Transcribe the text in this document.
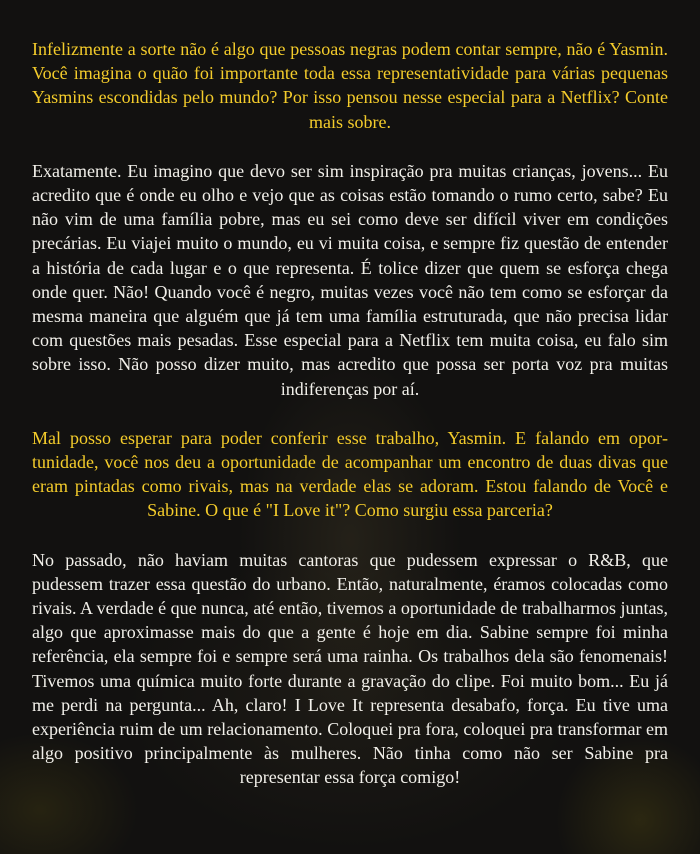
Infelizmente a sorte não é algo que pessoas negras podem contar sempre, não é Yasmin. Você imagina o quão foi importante toda essa representatividade para várias pequenas Yasmins escondidas pelo mundo? Por isso pensou nesse especial para a Netflix? Conte mais sobre.

Exatamente. Eu imagino que devo ser sim inspiração pra muitas crianças, jovens... Eu acredito que é onde eu olho e vejo que as coisas estão tomando o rumo certo, sabe? Eu não vim de uma família pobre, mas eu sei como deve ser difícil viver em condições precárias. Eu viajei muito o mundo, eu vi muita coisa, e sempre fiz questão de entender a história de cada lugar e o que representa. É tolice dizer que quem se esforça chega onde quer. Não! Quando você é negro, muitas vezes você não tem como se esforçar da mesma maneira que alguém que já tem uma família estruturada, que não precisa lidar com questões mais pesadas. Esse especial para a Netflix tem muita coisa, eu falo sim sobre isso. Não posso dizer muito, mas acredito que possa ser porta voz pra muitas indiferenças por aí.

Mal posso esperar para poder conferir esse trabalho, Yasmin. E falando em oportunidade, você nos deu a oportunidade de acompanhar um encontro de duas divas que eram pintadas como rivais, mas na verdade elas se adoram. Estou falando de Você e Sabine. O que é "I Love it"? Como surgiu essa parceria?

No passado, não haviam muitas cantoras que pudessem expressar o R&B, que pudessem trazer essa questão do urbano. Então, naturalmente, éramos colocadas como rivais. A verdade é que nunca, até então, tivemos a oportunidade de trabalharmos juntas, algo que aproximasse mais do que a gente é hoje em dia. Sabine sempre foi minha referência, ela sempre foi e sempre será uma rainha. Os trabalhos dela são fenomenais! Tivemos uma química muito forte durante a gravação do clipe. Foi muito bom... Eu já me perdi na pergunta... Ah, claro! I Love It representa desabafo, força. Eu tive uma experiência ruim de um relacionamento. Coloquei pra fora, coloquei pra transformar em algo positivo principalmente às mulheres. Não tinha como não ser Sabine pra representar essa força comigo!
